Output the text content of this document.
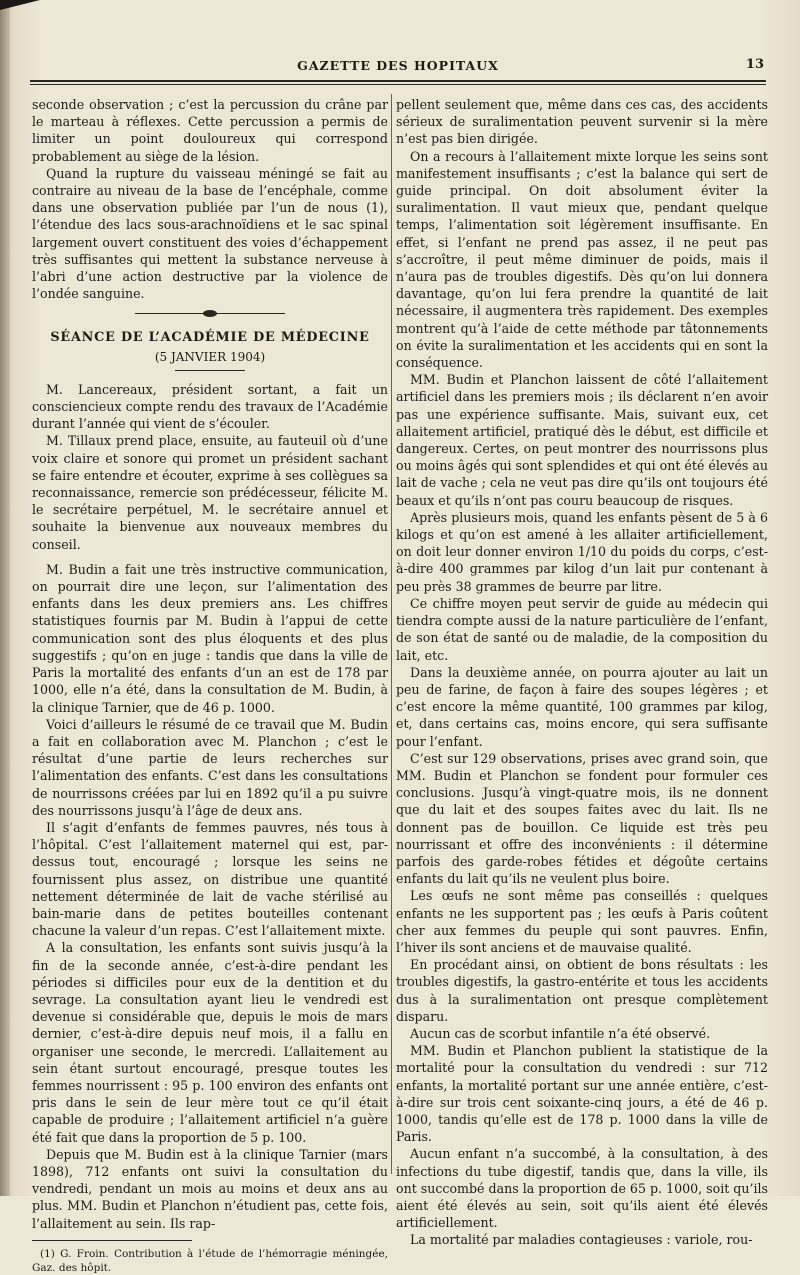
GAZETTE DES HOPITAUX	13

seconde observation ; c’est la percussion du crâne par le marteau à réflexes. Cette percussion a permis de limiter un point douloureux qui correspond probablement au siège de la lésion.

Quand la rupture du vaisseau méningé se fait au contraire au niveau de la base de l’encéphale, comme dans une observation publiée par l’un de nous (1), l’étendue des lacs sous-arachnoïdiens et le sac spinal largement ouvert constituent des voies d’échappement très suffisantes qui mettent la substance nerveuse à l’abri d’une action destructive par la violence de l’ondée sanguine.

SÉANCE DE L’ACADÉMIE DE MÉDECINE
(5 JANVIER 1904)

M. Lancereaux, président sortant, a fait un consciencieux compte rendu des travaux de l’Académie durant l’année qui vient de s’écouler.

M. Tillaux prend place, ensuite, au fauteuil où d’une voix claire et sonore qui promet un président sachant se faire entendre et écouter, exprime à ses collègues sa reconnaissance, remercie son prédécesseur, félicite M. le secrétaire perpétuel, M. le secrétaire annuel et souhaite la bienvenue aux nouveaux membres du conseil.

M. Budin a fait une très instructive communication, on pourrait dire une leçon, sur l’alimentation des enfants dans les deux premiers ans. Les chiffres statistiques fournis par M. Budin à l’appui de cette communication sont des plus éloquents et des plus suggestifs ; qu’on en juge : tandis que dans la ville de Paris la mortalité des enfants d’un an est de 178 par 1000, elle n’a été, dans la consultation de M. Budin, à la clinique Tarnier, que de 46 p. 1000.

Voici d’ailleurs le résumé de ce travail que M. Budin a fait en collaboration avec M. Planchon ; c’est le résultat d’une partie de leurs recherches sur l’alimentation des enfants. C’est dans les consultations de nourrissons créées par lui en 1892 qu’il a pu suivre des nourrissons jusqu’à l’âge de deux ans.

Il s’agit d’enfants de femmes pauvres, nés tous à l’hôpital. C’est l’allaitement maternel qui est, par-dessus tout, encouragé ; lorsque les seins ne fournissent plus assez, on distribue une quantité nettement déterminée de lait de vache stérilisé au bain-marie dans de petites bouteilles contenant chacune la valeur d’un repas. C’est l’allaitement mixte.

A la consultation, les enfants sont suivis jusqu’à la fin de la seconde année, c’est-à-dire pendant les périodes si difficiles pour eux de la dentition et du sevrage. La consultation ayant lieu le vendredi est devenue si considérable que, depuis le mois de mars dernier, c’est-à-dire depuis neuf mois, il a fallu en organiser une seconde, le mercredi. L’allaitement au sein étant surtout encouragé, presque toutes les femmes nourrissent : 95 p. 100 environ des enfants ont pris dans le sein de leur mère tout ce qu’il était capable de produire ; l’allaitement artificiel n’a guère été fait que dans la proportion de 5 p. 100.

Depuis que M. Budin est à la clinique Tarnier (mars 1898), 712 enfants ont suivi la consultation du vendredi, pendant un mois au moins et deux ans au plus. MM. Budin et Planchon n’étudient pas, cette fois, l’allaitement au sein. Ils rap-

(1) G. Froin. Contribution à l’étude de l’hémorragie méningée, Gaz. des hôpit.

pellent seulement que, même dans ces cas, des accidents sérieux de suralimentation peuvent survenir si la mère n’est pas bien dirigée.

On a recours à l’allaitement mixte lorque les seins sont manifestement insuffisants ; c’est la balance qui sert de guide principal. On doit absolument éviter la suralimentation. Il vaut mieux que, pendant quelque temps, l’alimentation soit légèrement insuffisante. En effet, si l’enfant ne prend pas assez, il ne peut pas s’accroître, il peut même diminuer de poids, mais il n’aura pas de troubles digestifs. Dès qu’on lui donnera davantage, qu’on lui fera prendre la quantité de lait nécessaire, il augmentera très rapidement. Des exemples montrent qu’à l’aide de cette méthode par tâtonnements on évite la suralimentation et les accidents qui en sont la conséquence.

MM. Budin et Planchon laissent de côté l’allaitement artificiel dans les premiers mois ; ils déclarent n’en avoir pas une expérience suffisante. Mais, suivant eux, cet allaitement artificiel, pratiqué dès le début, est difficile et dangereux. Certes, on peut montrer des nourrissons plus ou moins âgés qui sont splendides et qui ont été élevés au lait de vache ; cela ne veut pas dire qu’ils ont toujours été beaux et qu’ils n’ont pas couru beaucoup de risques.

Après plusieurs mois, quand les enfants pèsent de 5 à 6 kilogs et qu’on est amené à les allaiter artificiellement, on doit leur donner environ 1/10 du poids du corps, c’est-à-dire 400 grammes par kilog d’un lait pur contenant à peu près 38 grammes de beurre par litre.

Ce chiffre moyen peut servir de guide au médecin qui tiendra compte aussi de la nature particulière de l’enfant, de son état de santé ou de maladie, de la composition du lait, etc.

Dans la deuxième année, on pourra ajouter au lait un peu de farine, de façon à faire des soupes légères ; et c’est encore la même quantité, 100 grammes par kilog, et, dans certains cas, moins encore, qui sera suffisante pour l’enfant.

C’est sur 129 observations, prises avec grand soin, que MM. Budin et Planchon se fondent pour formuler ces conclusions. Jusqu’à vingt-quatre mois, ils ne donnent que du lait et des soupes faites avec du lait. Ils ne donnent pas de bouillon. Ce liquide est très peu nourrissant et offre des inconvénients : il détermine parfois des garde-robes fétides et dégoûte certains enfants du lait qu’ils ne veulent plus boire.

Les œufs ne sont même pas conseillés : quelques enfants ne les supportent pas ; les œufs à Paris coûtent cher aux femmes du peuple qui sont pauvres. Enfin, l’hiver ils sont anciens et de mauvaise qualité.

En procédant ainsi, on obtient de bons résultats : les troubles digestifs, la gastro-entérite et tous les accidents dus à la suralimentation ont presque complètement disparu.

Aucun cas de scorbut infantile n’a été observé.

MM. Budin et Planchon publient la statistique de la mortalité pour la consultation du vendredi : sur 712 enfants, la mortalité portant sur une année entière, c’est-à-dire sur trois cent soixante-cinq jours, a été de 46 p. 1000, tandis qu’elle est de 178 p. 1000 dans la ville de Paris.

Aucun enfant n’a succombé, à la consultation, à des infections du tube digestif, tandis que, dans la ville, ils ont succombé dans la proportion de 65 p. 1000, soit qu’ils aient été élevés au sein, soit qu’ils aient été élevés artificiellement.

La mortalité par maladies contagieuses : variole, rou-
